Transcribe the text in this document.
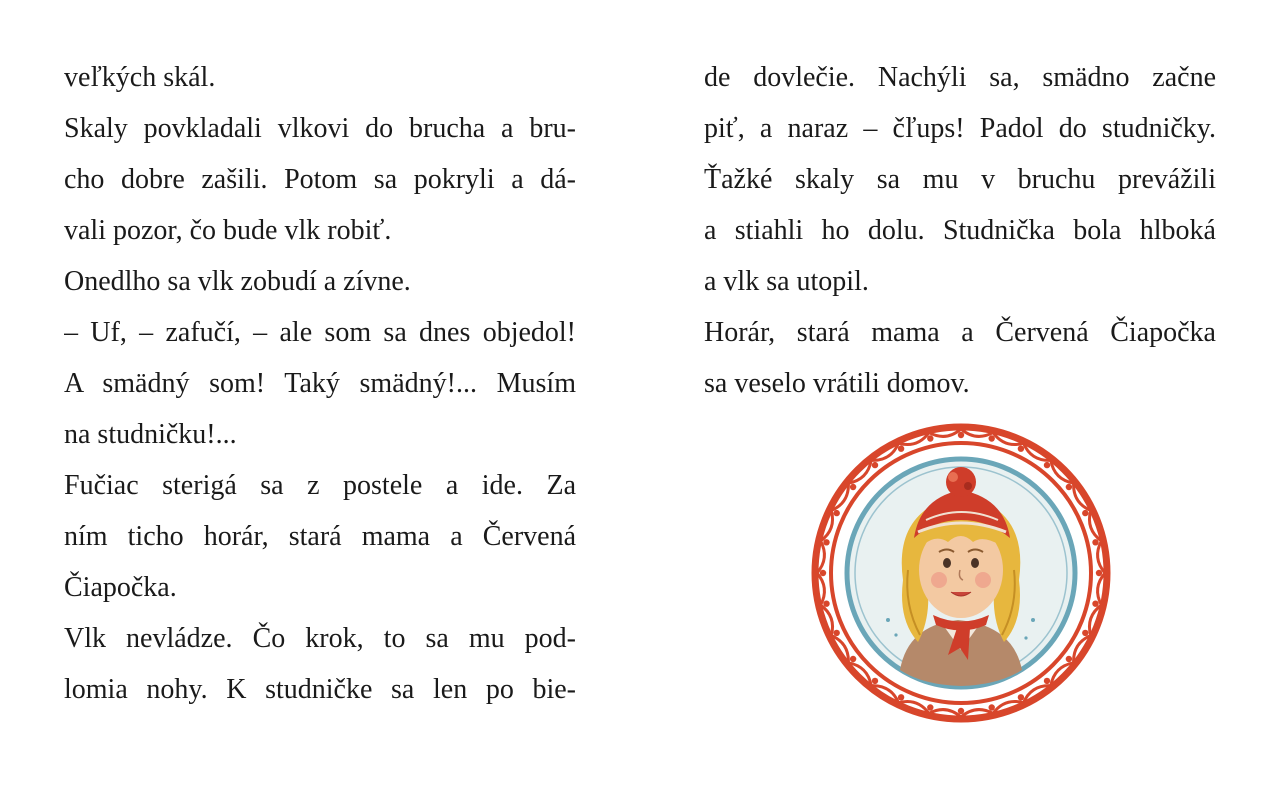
veľkých skál.
Skaly povkladali vlkovi do brucha a bru-
cho dobre zašili. Potom sa pokryli a dá-
vali pozor, čo bude vlk robiť.
Onedlho sa vlk zobudí a zívne.
– Uf, – zafučí, – ale som sa dnes objedol!
A smädný som! Taký smädný!... Musím
na studničku!...
Fučiac sterigá sa z postele a ide. Za
ním ticho horár, stará mama a Červená
Čiapočka.
Vlk nevládze. Čo krok, to sa mu pod-
lomia nohy. K studničke sa len po bie-
de dovlečie. Nachýli sa, smädno začne
piť, a naraz – čľups! Padol do studničky.
Ťažké skaly sa mu v bruchu prevážili
a stiahli ho dolu. Studnička bola hlboká
a vlk sa utopil.
Horár, stará mama a Červená Čiapočka
sa veselo vrátili domov.
